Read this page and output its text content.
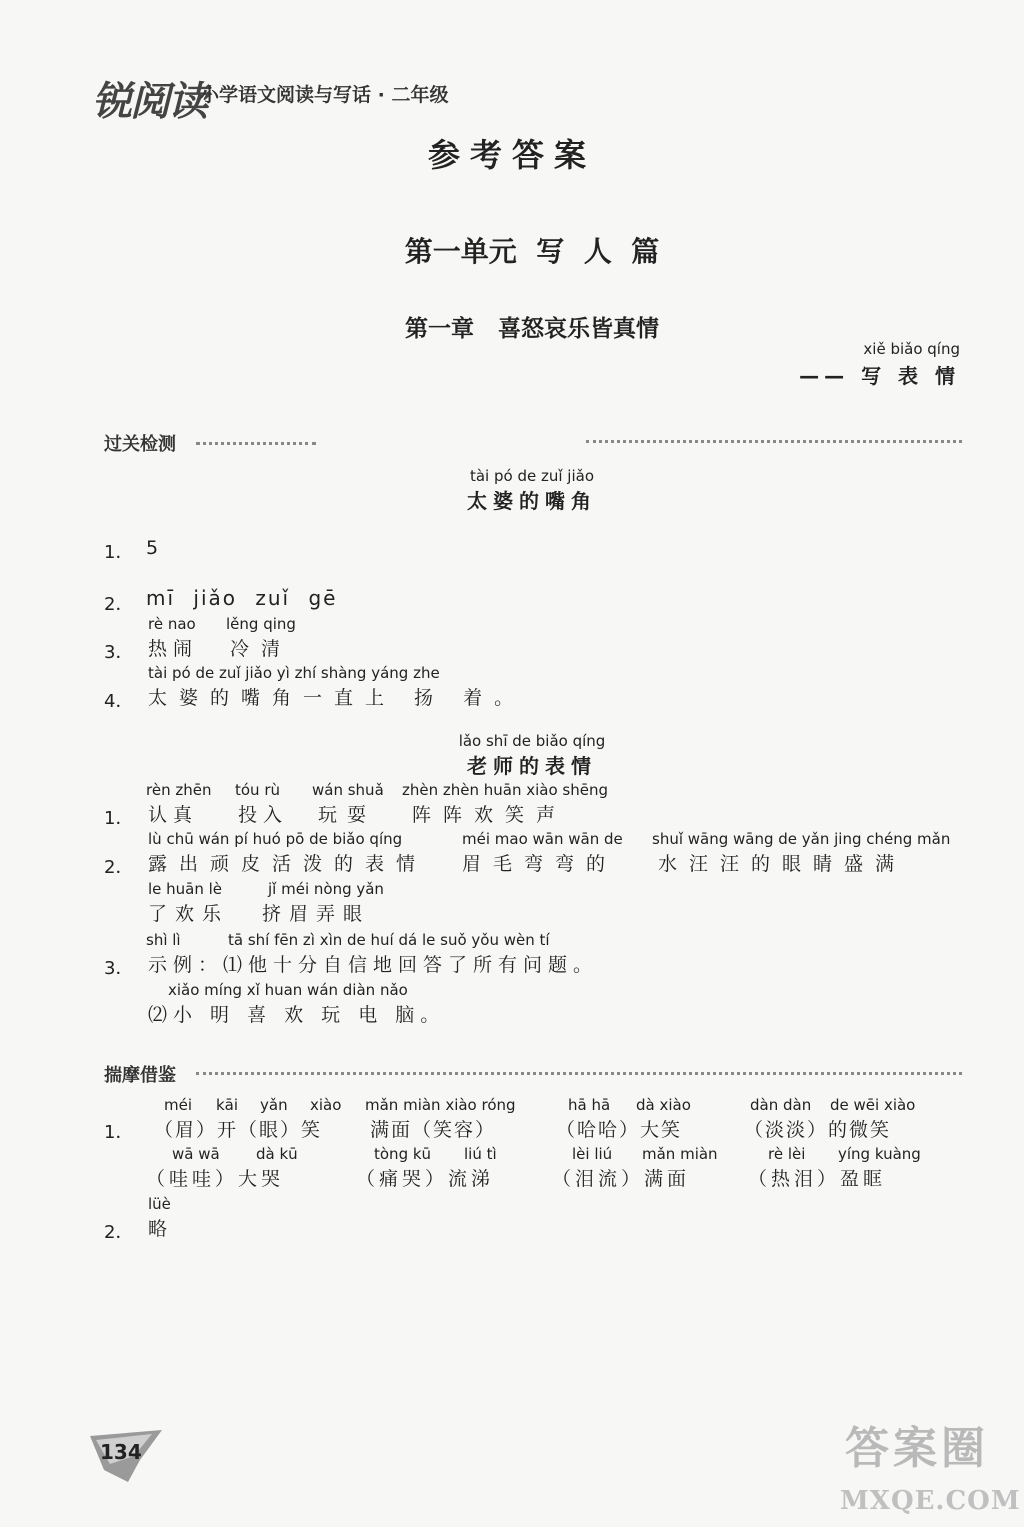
锐阅读
小学语文阅读与写话 · 二年级
参考答案
第一单元  写  人  篇
第一章   喜怒哀乐皆真情
xiě biǎo qíng
—— 写 表 情
过关检测
tài pó de zuǐ jiǎo
太婆的嘴角
1． 5
2． mī jiǎo zuǐ gē
rè nao lěng qing
3． 热闹 冷清
tài pó de zuǐ jiǎo yì zhí shàng yáng zhe
4． 太婆的嘴角一直上 扬 着。
lǎo shī de biǎo qíng
老师的表情
rèn zhēn tóu rù wán shuǎ zhèn zhèn huān xiào shēng
1． 认真 投入 玩耍 阵阵欢笑声
lù chū wán pí huó pō de biǎo qíng	méi mao wān wān de shuǐ wāng wāng de yǎn jing chéng mǎn
2． 露出顽皮活泼的表情 眉毛弯弯的 水汪汪的眼睛盛满
le huān lè	jǐ méi nòng yǎn
了欢乐 挤眉弄眼
shì lì	tā shí fēn zì xìn de huí dá le suǒ yǒu wèn tí
3． 示例：⑴他十分自信地回答了所有问题。
xiǎo míng xǐ huan wán diàn nǎo
⑵小 明 喜 欢 玩 电 脑。
揣摩借鉴
méi kāi yǎn xiào mǎn miàn xiào róng	hā hā dà xiào	dàn dàn de wēi xiào
1． （眉）开（眼）笑	满面（笑容）	（哈哈）大笑	（淡淡）的微笑
wā wā dà kū	tòng kū liú tì	lèi liú mǎn miàn	rè lèi yíng kuàng
（哇哇）大哭	（痛哭）流涕	（泪流）满面	（热泪）盈眶
lüè
2． 略
134	答案圈
MXQE.COM
